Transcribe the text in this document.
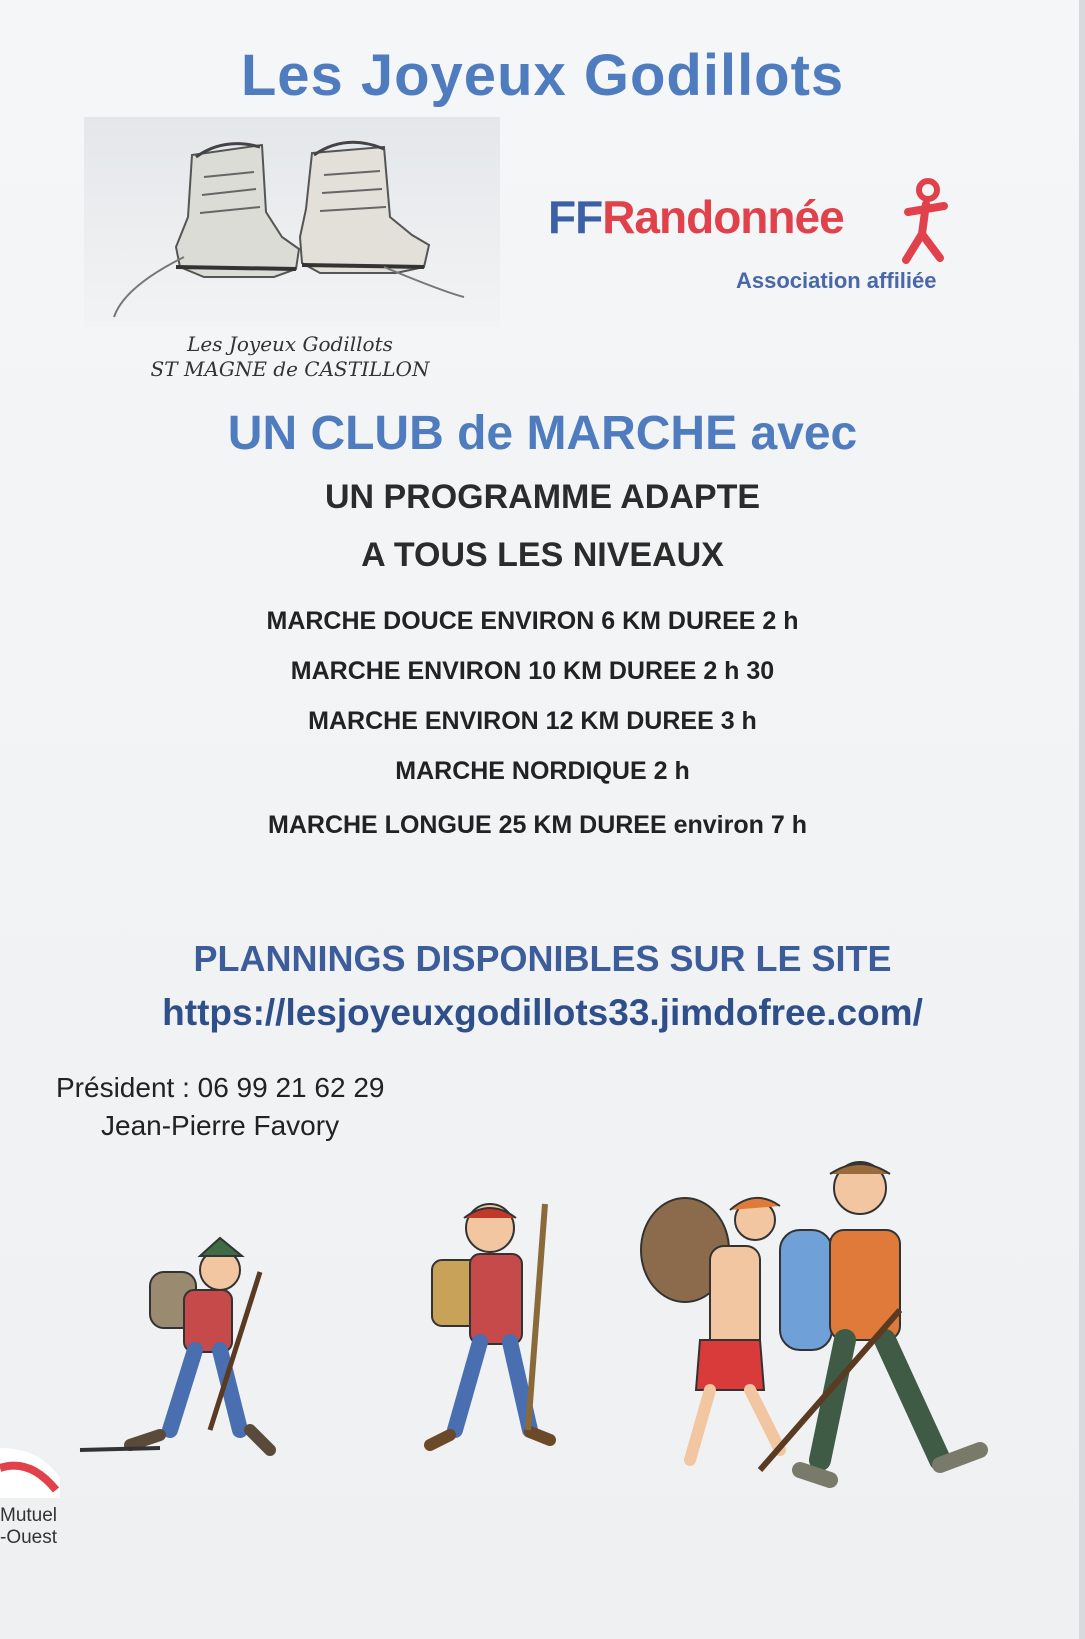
Les Joyeux Godillots
Les Joyeux Godillots
ST MAGNE de CASTILLON
FFRandonnée
Association affiliée
UN CLUB de MARCHE avec
UN PROGRAMME ADAPTE
A TOUS LES NIVEAUX
MARCHE DOUCE ENVIRON 6 KM DUREE 2 h
MARCHE ENVIRON 10 KM DUREE 2 h 30
MARCHE ENVIRON 12 KM DUREE 3 h
MARCHE NORDIQUE 2 h
MARCHE LONGUE 25 KM DUREE environ 7 h
PLANNINGS DISPONIBLES SUR LE SITE
https://lesjoyeuxgodillots33.jimdofree.com/
Président : 06 99 21 62 29
Jean-Pierre Favory
Mutuel
-Ouest
